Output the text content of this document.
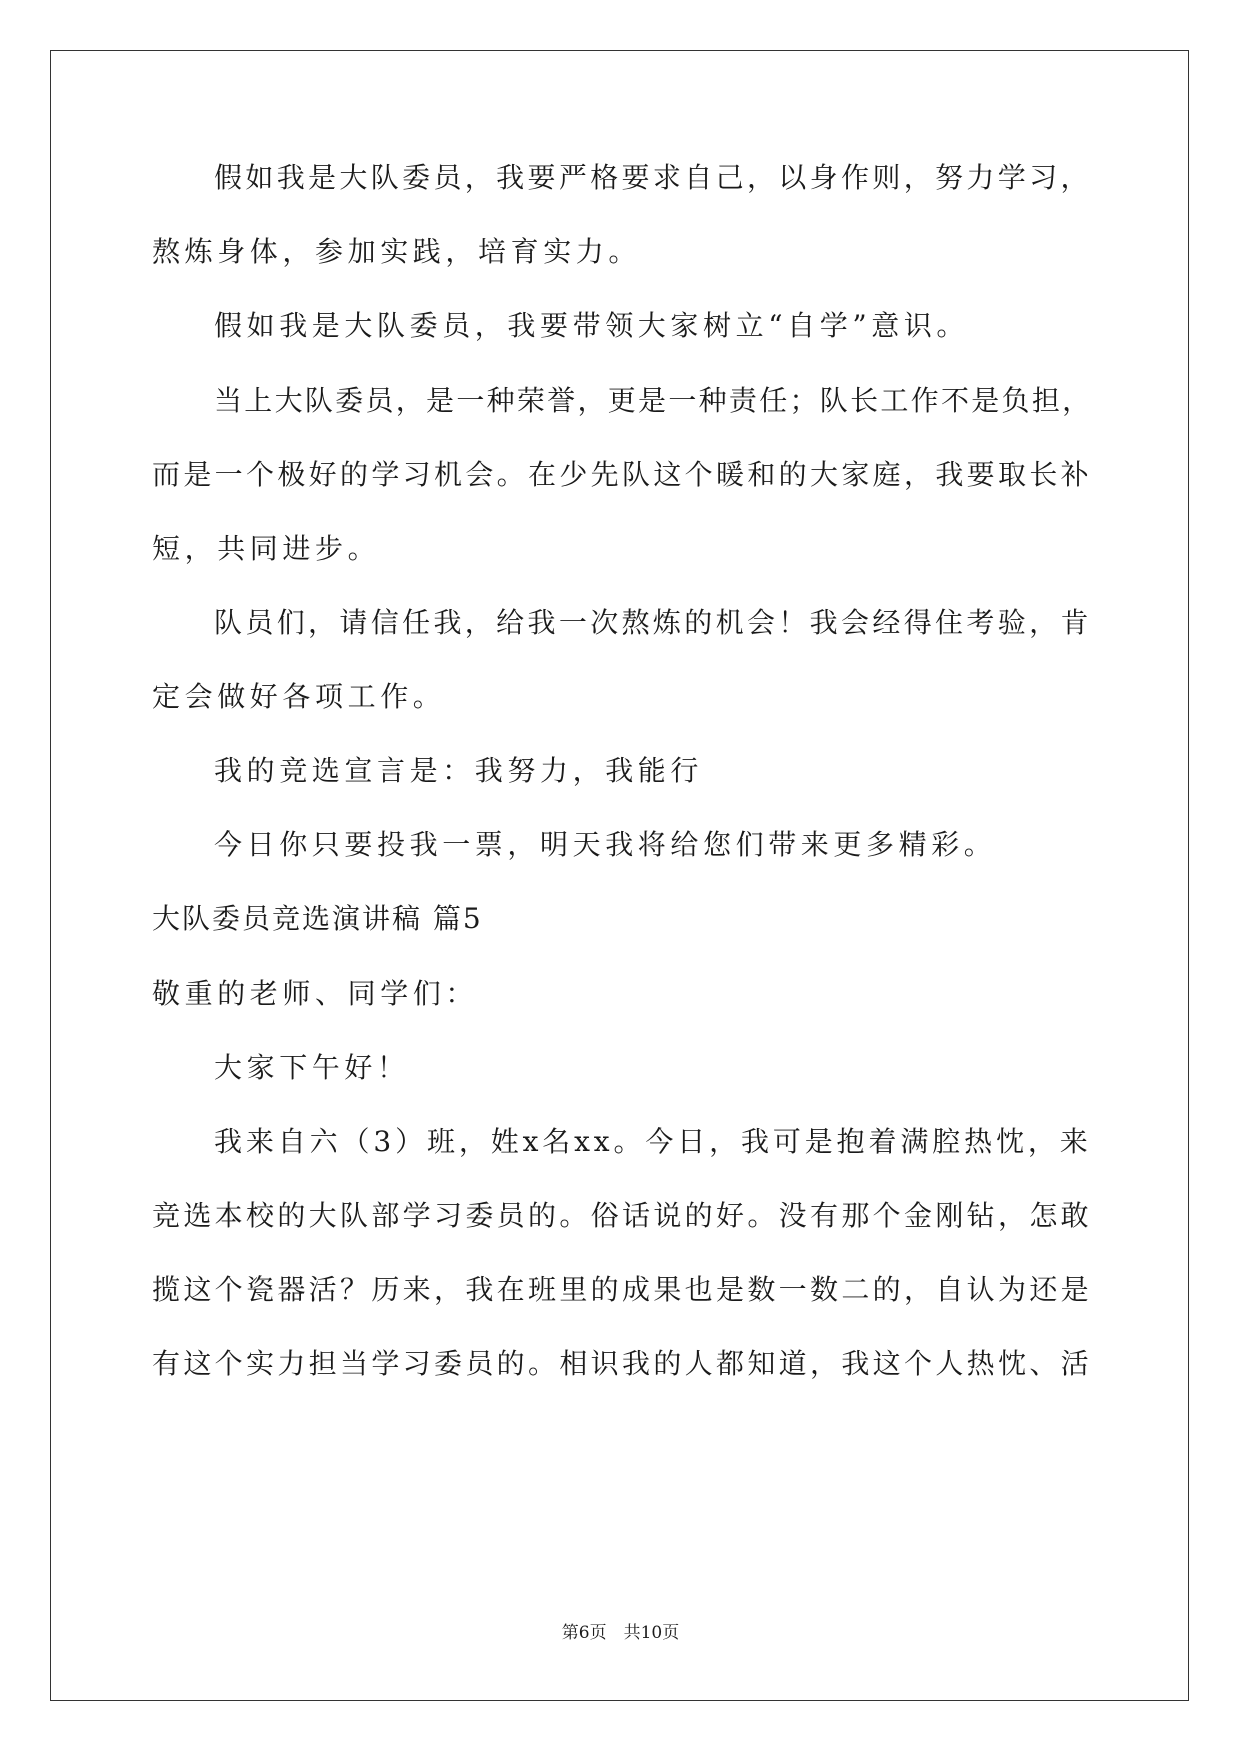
假如我是大队委员，我要严格要求自己，以身作则，努力学习，
熬炼身体，参加实践，培育实力。
假如我是大队委员，我要带领大家树立“自学”意识。
当上大队委员，是一种荣誉，更是一种责任；队长工作不是负担，
而是一个极好的学习机会。在少先队这个暖和的大家庭，我要取长补
短，共同进步。
队员们，请信任我，给我一次熬炼的机会！我会经得住考验，肯
定会做好各项工作。
我的竞选宣言是：我努力，我能行
今日你只要投我一票，明天我将给您们带来更多精彩。
大队委员竞选演讲稿 篇5
敬重的老师、同学们：
大家下午好！
我来自六（3）班，姓x名xx。今日，我可是抱着满腔热忱，来
竞选本校的大队部学习委员的。俗话说的好。没有那个金刚钻，怎敢
揽这个瓷器活？历来，我在班里的成果也是数一数二的，自认为还是
有这个实力担当学习委员的。相识我的人都知道，我这个人热忱、活
第6页　共10页
